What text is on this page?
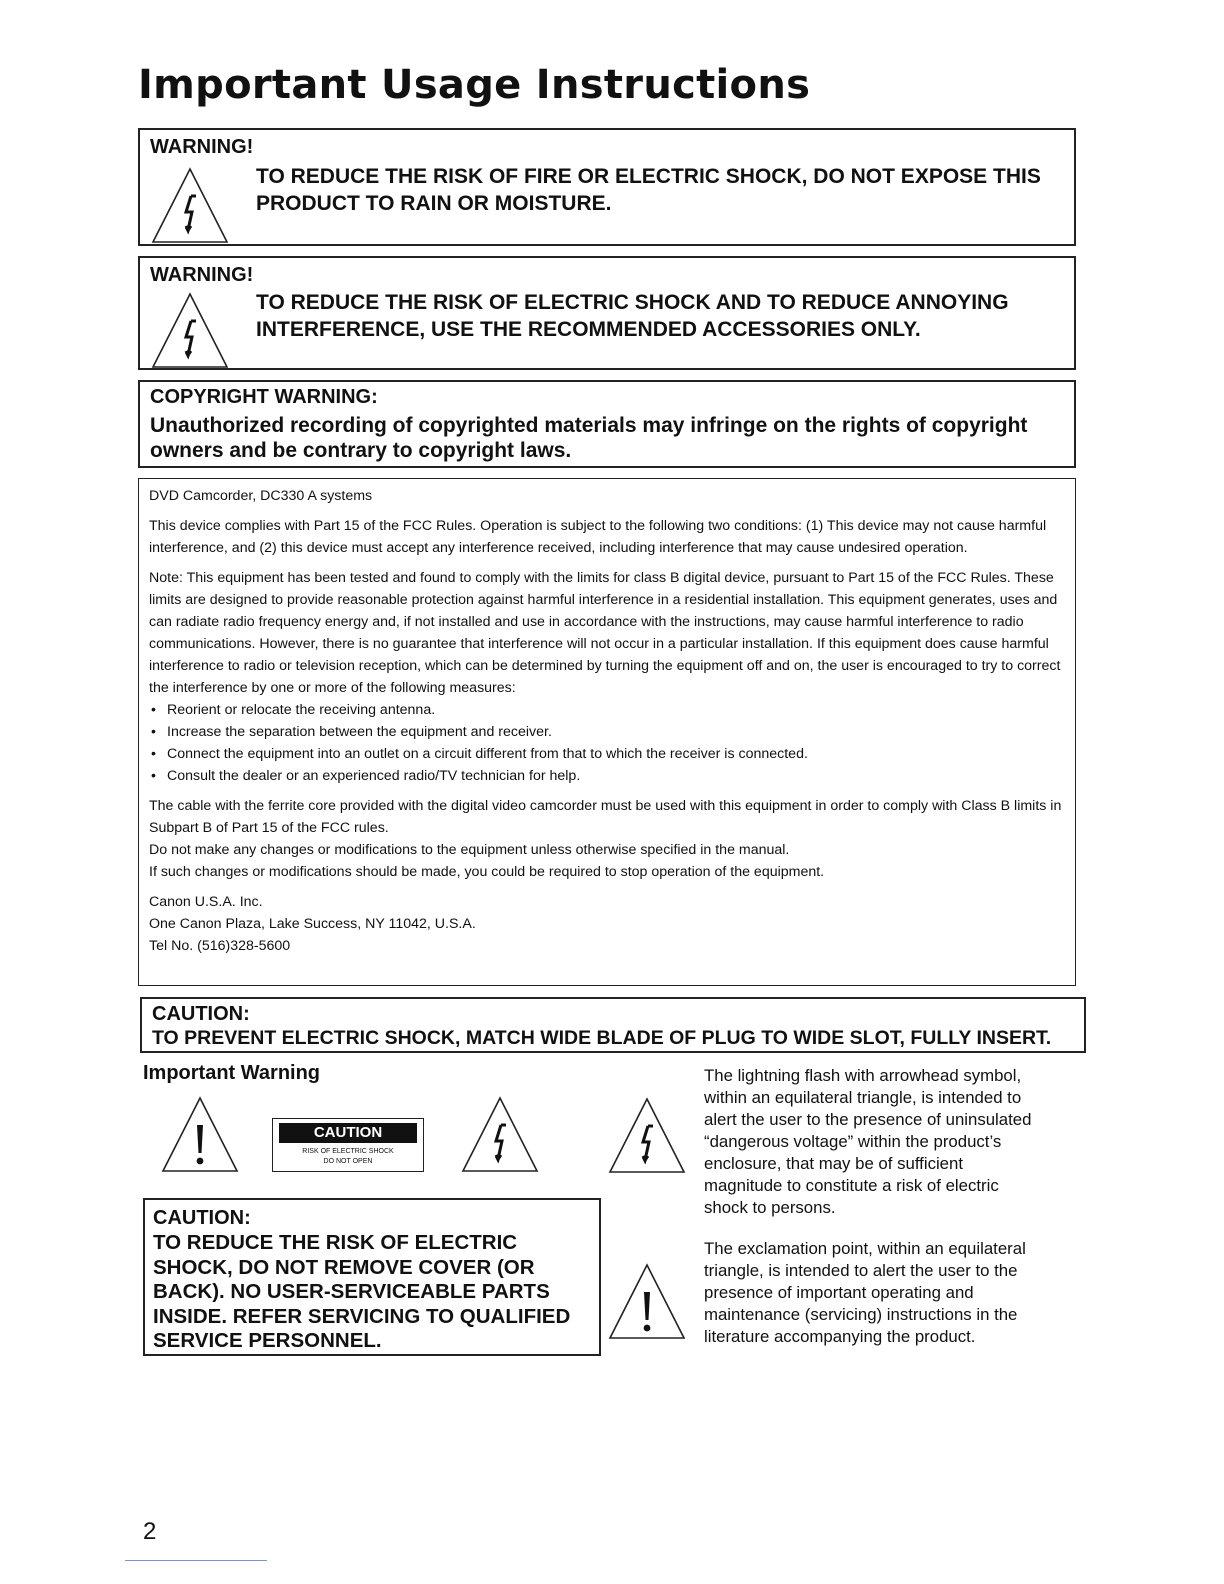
Important Usage Instructions
WARNING!
TO REDUCE THE RISK OF FIRE OR ELECTRIC SHOCK, DO NOT EXPOSE THIS
PRODUCT TO RAIN OR MOISTURE.
WARNING!
TO REDUCE THE RISK OF ELECTRIC SHOCK AND TO REDUCE ANNOYING
INTERFERENCE, USE THE RECOMMENDED ACCESSORIES ONLY.
COPYRIGHT WARNING:
Unauthorized recording of copyrighted materials may infringe on the rights of copyright
owners and be contrary to copyright laws.

DVD Camcorder, DC330 A systems

This device complies with Part 15 of the FCC Rules. Operation is subject to the following two conditions: (1) This device may not cause harmful interference, and (2) this device must accept any interference received, including interference that may cause undesired operation.

Note: This equipment has been tested and found to comply with the limits for class B digital device, pursuant to Part 15 of the FCC Rules. These limits are designed to provide reasonable protection against harmful interference in a residential installation. This equipment generates, uses and can radiate radio frequency energy and, if not installed and use in accordance with the instructions, may cause harmful interference to radio communications. However, there is no guarantee that interference will not occur in a particular installation. If this equipment does cause harmful interference to radio or television reception, which can be determined by turning the equipment off and on, the user is encouraged to try to correct the interference by one or more of the following measures:

• Reorient or relocate the receiving antenna.
• Increase the separation between the equipment and receiver.
• Connect the equipment into an outlet on a circuit different from that to which the receiver is connected.
• Consult the dealer or an experienced radio/TV technician for help.

The cable with the ferrite core provided with the digital video camcorder must be used with this equipment in order to comply with Class B limits in Subpart B of Part 15 of the FCC rules.

Do not make any changes or modifications to the equipment unless otherwise specified in the manual.

If such changes or modifications should be made, you could be required to stop operation of the equipment.

Canon U.S.A. Inc.

One Canon Plaza, Lake Success, NY 11042, U.S.A.

Tel No. (516)328-5600

CAUTION:
TO PREVENT ELECTRIC SHOCK, MATCH WIDE BLADE OF PLUG TO WIDE SLOT, FULLY INSERT.
Important Warning
CAUTION
RISK OF ELECTRIC SHOCK
DO NOT OPEN
CAUTION:
TO REDUCE THE RISK OF ELECTRIC
SHOCK, DO NOT REMOVE COVER (OR
BACK). NO USER-SERVICEABLE PARTS
INSIDE. REFER SERVICING TO QUALIFIED
SERVICE PERSONNEL.
The lightning flash with arrowhead symbol,
within an equilateral triangle, is intended to
alert the user to the presence of uninsulated
“dangerous voltage” within the product’s
enclosure, that may be of sufficient
magnitude to constitute a risk of electric
shock to persons.
The exclamation point, within an equilateral
triangle, is intended to alert the user to the
presence of important operating and
maintenance (servicing) instructions in the
literature accompanying the product.
2
